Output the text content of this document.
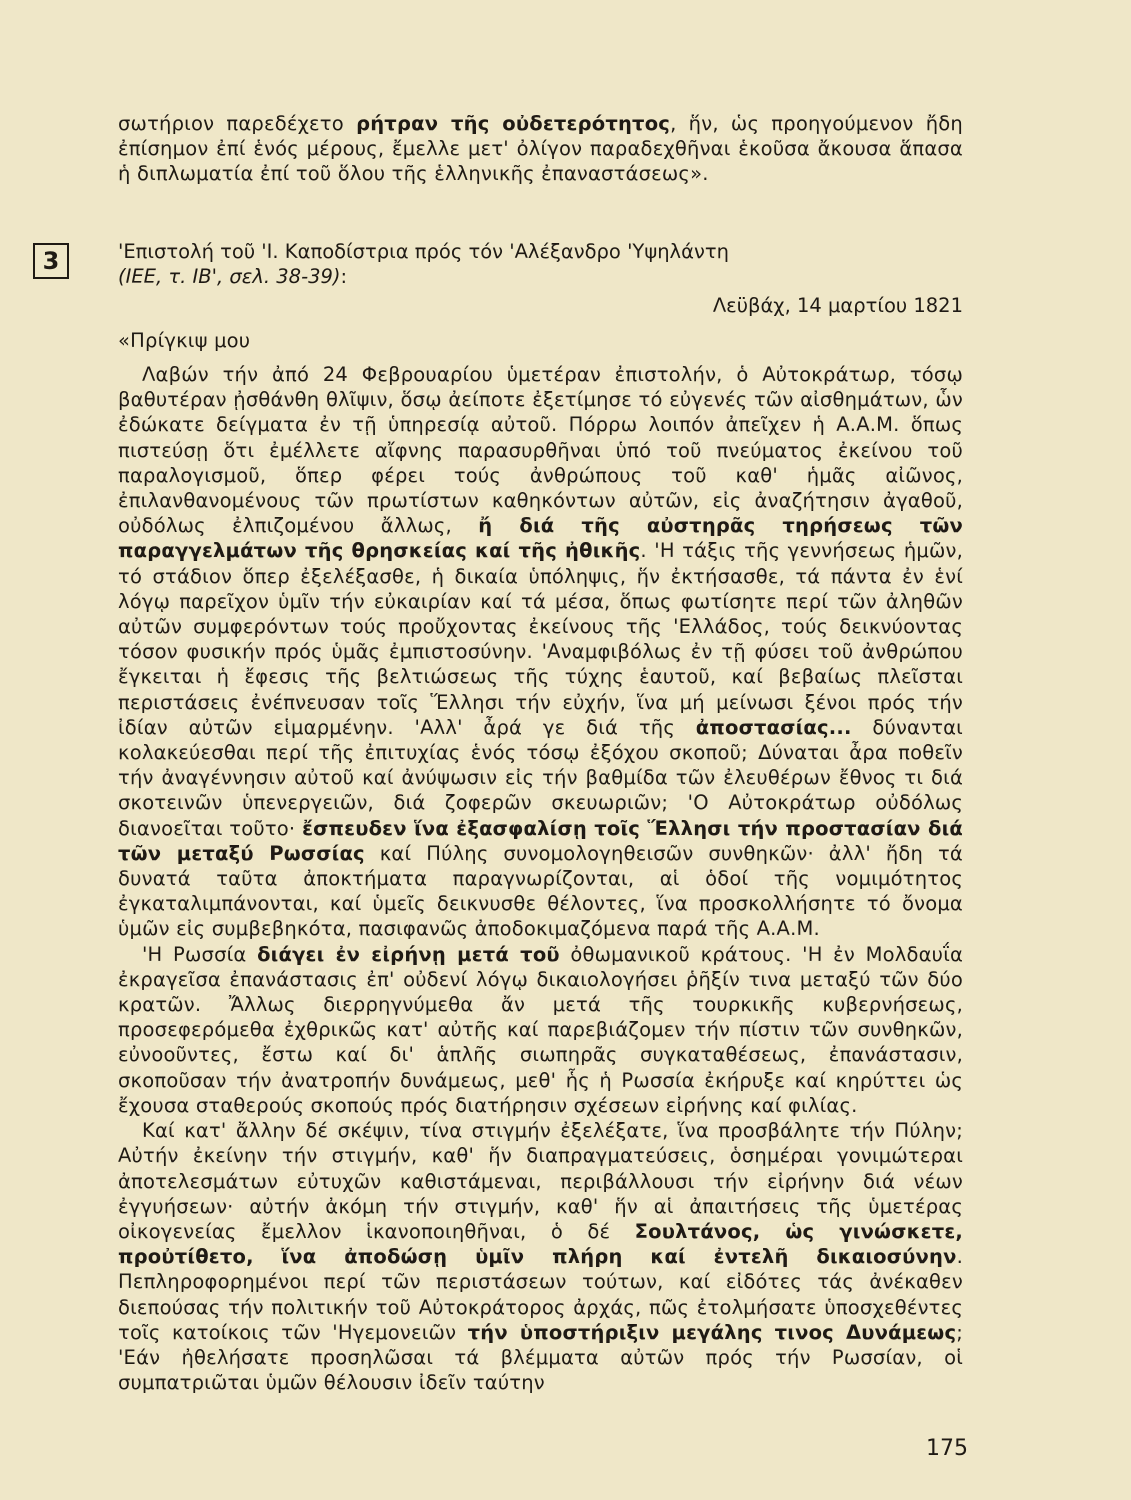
σωτήριον παρεδέχετο ρήτραν τῆς οὐδετερότητος, ἥν, ὡς προηγούμενον ἤδη ἐπίσημον ἐπί ἑνός μέρους, ἔμελλε μετ' ὀλίγον παραδεχθῆναι ἑκοῦσα ἄκουσα ἅπασα ἡ διπλωματία ἐπί τοῦ ὅλου τῆς ἑλληνικῆς ἐπαναστάσεως».

3	'Επιστολή τοῦ 'Ι. Καποδίστρια πρός τόν 'Αλέξανδρο 'Υψηλάντη
(ΙΕΕ, τ. ΙΒ', σελ. 38-39):
Λεϋβάχ, 14 μαρτίου 1821
«Πρίγκιψ μου

Λαβών τήν ἀπό 24 Φεβρουαρίου ὑμετέραν ἐπιστολήν, ὁ Αὐτοκράτωρ, τόσῳ βαθυτέραν ᾐσθάνθη θλῖψιν, ὅσῳ ἀείποτε ἐξετίμησε τό εὐγενές τῶν αἰσθημάτων, ὧν ἐδώκατε δείγματα ἐν τῇ ὑπηρεσίᾳ αὐτοῦ. Πόρρω λοιπόν ἀπεῖχεν ἡ Α.Α.Μ. ὅπως πιστεύσῃ ὅτι ἐμέλλετε αἴφνης παρασυρθῆναι ὑπό τοῦ πνεύματος ἐκείνου τοῦ παραλογισμοῦ, ὅπερ φέρει τούς ἀνθρώπους τοῦ καθ' ἡμᾶς αἰῶνος, ἐπιλανθανομένους τῶν πρωτίστων καθηκόντων αὐτῶν, εἰς ἀναζήτησιν ἀγαθοῦ, οὐδόλως ἐλπιζομένου ἄλλως, ἤ διά τῆς αὐστηρᾶς τηρήσεως τῶν παραγγελμάτων τῆς θρησκείας καί τῆς ἠθικῆς. 'Η τάξις τῆς γεννήσεως ἡμῶν, τό στάδιον ὅπερ ἐξελέξασθε, ἡ δικαία ὑπόληψις, ἥν ἐκτήσασθε, τά πάντα ἐν ἑνί λόγῳ παρεῖχον ὑμῖν τήν εὐκαιρίαν καί τά μέσα, ὅπως φωτίσητε περί τῶν ἀληθῶν αὐτῶν συμφερόντων τούς προὔχοντας ἐκείνους τῆς 'Ελλάδος, τούς δεικνύοντας τόσον φυσικήν πρός ὑμᾶς ἐμπιστοσύνην. 'Αναμφιβόλως ἐν τῇ φύσει τοῦ ἀνθρώπου ἔγκειται ἡ ἔφεσις τῆς βελτιώσεως τῆς τύχης ἑαυτοῦ, καί βεβαίως πλεῖσται περιστάσεις ἐνέπνευσαν τοῖς Ἕλλησι τήν εὐχήν, ἵνα μή μείνωσι ξένοι πρός τήν ἰδίαν αὐτῶν εἱμαρμένην. 'Αλλ' ἆρά γε διά τῆς ἀποστασίας... δύνανται κολακεύεσθαι περί τῆς ἐπιτυχίας ἑνός τόσῳ ἐξόχου σκοποῦ; Δύναται ἆρα ποθεῖν τήν ἀναγέννησιν αὐτοῦ καί ἀνύψωσιν εἰς τήν βαθμίδα τῶν ἐλευθέρων ἔθνος τι διά σκοτεινῶν ὑπενεργειῶν, διά ζοφερῶν σκευωριῶν; 'Ο Αὐτοκράτωρ οὐδόλως διανοεῖται τοῦτο· ἔσπευδεν ἵνα ἐξασφαλίσῃ τοῖς Ἕλλησι τήν προστασίαν διά τῶν μεταξύ Ρωσσίας καί Πύλης συνομολογηθεισῶν συνθηκῶν· ἀλλ' ἤδη τά δυνατά ταῦτα ἀποκτήματα παραγνωρίζονται, αἱ ὁδοί τῆς νομιμότητος ἐγκαταλιμπάνονται, καί ὑμεῖς δεικνυσθε θέλοντες, ἵνα προσκολλήσητε τό ὄνομα ὑμῶν εἰς συμβεβηκότα, πασιφανῶς ἀποδοκιμαζόμενα παρά τῆς Α.Α.Μ.

'Η Ρωσσία διάγει ἐν εἰρήνῃ μετά τοῦ ὀθωμανικοῦ κράτους. 'Η ἐν Μολδαυΐα ἐκραγεῖσα ἐπανάστασις ἐπ' οὐδενί λόγῳ δικαιολογήσει ῥῆξίν τινα μεταξύ τῶν δύο κρατῶν. Ἄλλως διερρηγνύμεθα ἄν μετά τῆς τουρκικῆς κυβερνήσεως, προσεφερόμεθα ἐχθρικῶς κατ' αὐτῆς καί παρεβιάζομεν τήν πίστιν τῶν συνθηκῶν, εὐνοοῦντες, ἔστω καί δι' ἁπλῆς σιωπηρᾶς συγκαταθέσεως, ἐπανάστασιν, σκοποῦσαν τήν ἀνατροπήν δυνάμεως, μεθ' ἧς ἡ Ρωσσία ἐκήρυξε καί κηρύττει ὡς ἔχουσα σταθερούς σκοπούς πρός διατήρησιν σχέσεων εἰρήνης καί φιλίας.

Καί κατ' ἄλλην δέ σκέψιν, τίνα στιγμήν ἐξελέξατε, ἵνα προσβάλητε τήν Πύλην; Αὐτήν ἐκείνην τήν στιγμήν, καθ' ἥν διαπραγματεύσεις, ὁσημέραι γονιμώτεραι ἀποτελεσμάτων εὐτυχῶν καθιστάμεναι, περιβάλλουσι τήν εἰρήνην διά νέων ἐγγυήσεων· αὐτήν ἀκόμη τήν στιγμήν, καθ' ἥν αἱ ἀπαιτήσεις τῆς ὑμετέρας οἰκογενείας ἔμελλον ἱκανοποιηθῆναι, ὁ δέ Σουλτάνος, ὡς γινώσκετε, προὐτίθετο, ἵνα ἀποδώσῃ ὑμῖν πλήρη καί ἐντελῆ δικαιοσύνην. Πεπληροφορημένοι περί τῶν περιστάσεων τούτων, καί εἰδότες τάς ἀνέκαθεν διεπούσας τήν πολιτικήν τοῦ Αὐτοκράτορος ἀρχάς, πῶς ἐτολμήσατε ὑποσχεθέντες τοῖς κατοίκοις τῶν 'Ηγεμονειῶν τήν ὑποστήριξιν μεγάλης τινος Δυνάμεως; 'Εάν ἠθελήσατε προσηλῶσαι τά βλέμματα αὐτῶν πρός τήν Ρωσσίαν, οἱ συμπατριῶται ὑμῶν θέλουσιν ἰδεῖν ταύτην

175
